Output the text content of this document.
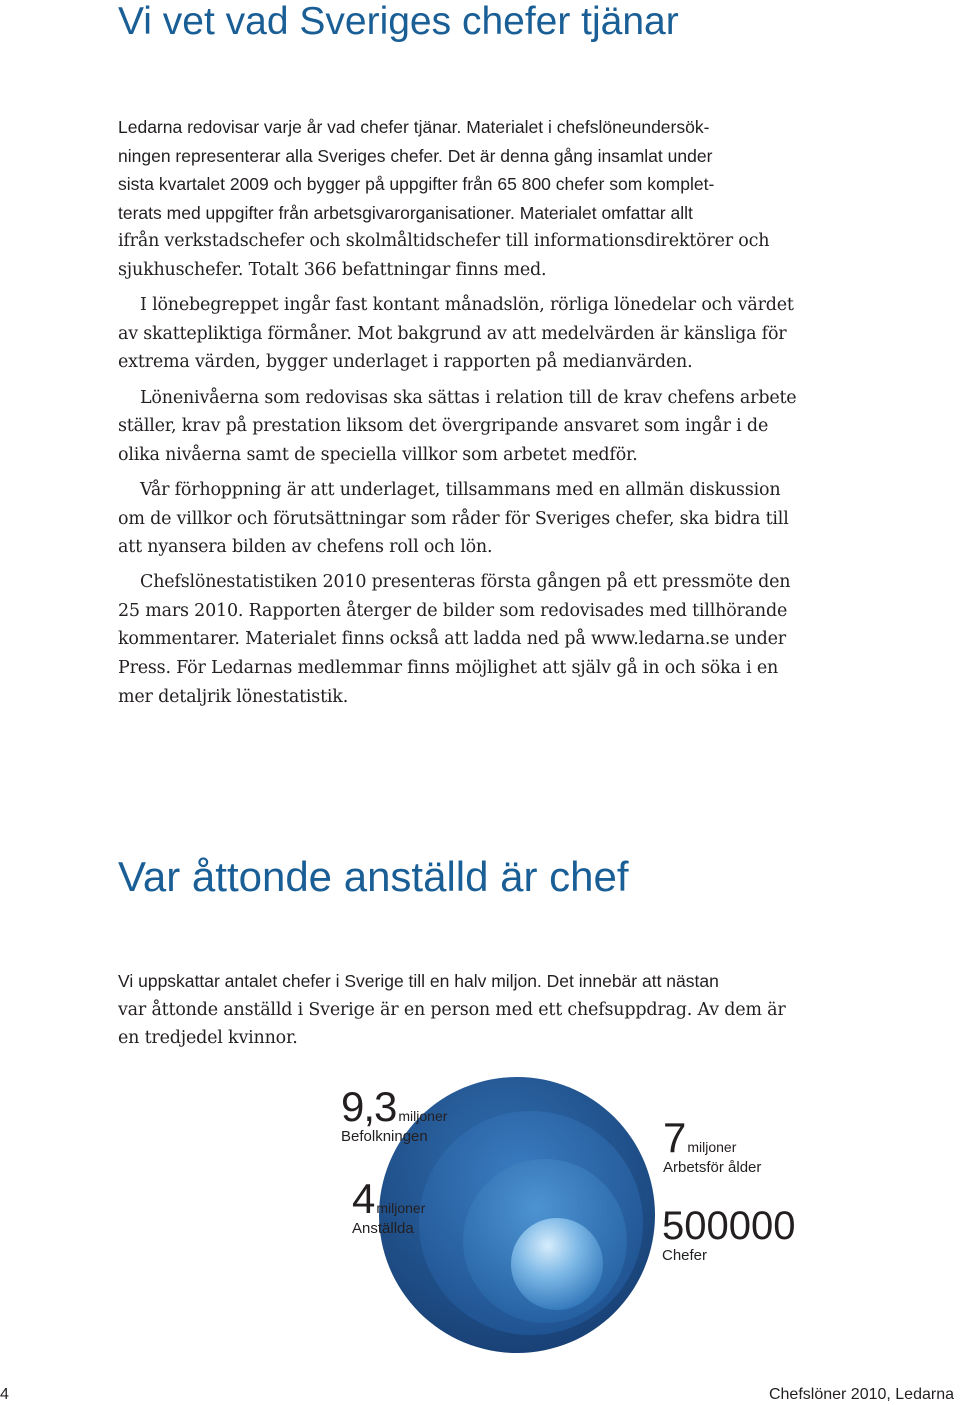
Vi vet vad Sveriges chefer tjänar

Ledarna redovisar varje år vad chefer tjänar. Materialet i chefslöneundersök-
ningen representerar alla Sveriges chefer. Det är denna gång insamlat under
sista kvartalet 2009 och bygger på uppgifter från 65 800 chefer som komplet-
terats med uppgifter från arbetsgivarorganisationer. Materialet omfattar allt
ifrån verkstadschefer och skolmåltidschefer till informationsdirektörer och
sjukhuschefer. Totalt 366 befattningar finns med.

I lönebegreppet ingår fast kontant månadslön, rörliga lönedelar och värdet
av skattepliktiga förmåner. Mot bakgrund av att medelvärden är känsliga för
extrema värden, bygger underlaget i rapporten på medianvärden.

Lönenivåerna som redovisas ska sättas i relation till de krav chefens arbete
ställer, krav på prestation liksom det övergripande ansvaret som ingår i de
olika nivåerna samt de speciella villkor som arbetet medför.

Vår förhoppning är att underlaget, tillsammans med en allmän diskussion
om de villkor och förutsättningar som råder för Sveriges chefer, ska bidra till
att nyansera bilden av chefens roll och lön.

Chefslönestatistiken 2010 presenteras första gången på ett pressmöte den
25 mars 2010. Rapporten återger de bilder som redovisades med tillhörande
kommentarer. Materialet finns också att ladda ned på www.ledarna.se under
Press. För Ledarnas medlemmar finns möjlighet att själv gå in och söka i en
mer detaljrik lönestatistik.

Var åttonde anställd är chef

Vi uppskattar antalet chefer i Sverige till en halv miljon. Det innebär att nästan
var åttonde anställd i Sverige är en person med ett chefsuppdrag. Av dem är
en tredjedel kvinnor.

9,3 miljoner
Befolkningen
4 miljoner
Anställda
7 miljoner
Arbetsför ålder
500000
Chefer
4	Chefslöner 2010, Ledarna
